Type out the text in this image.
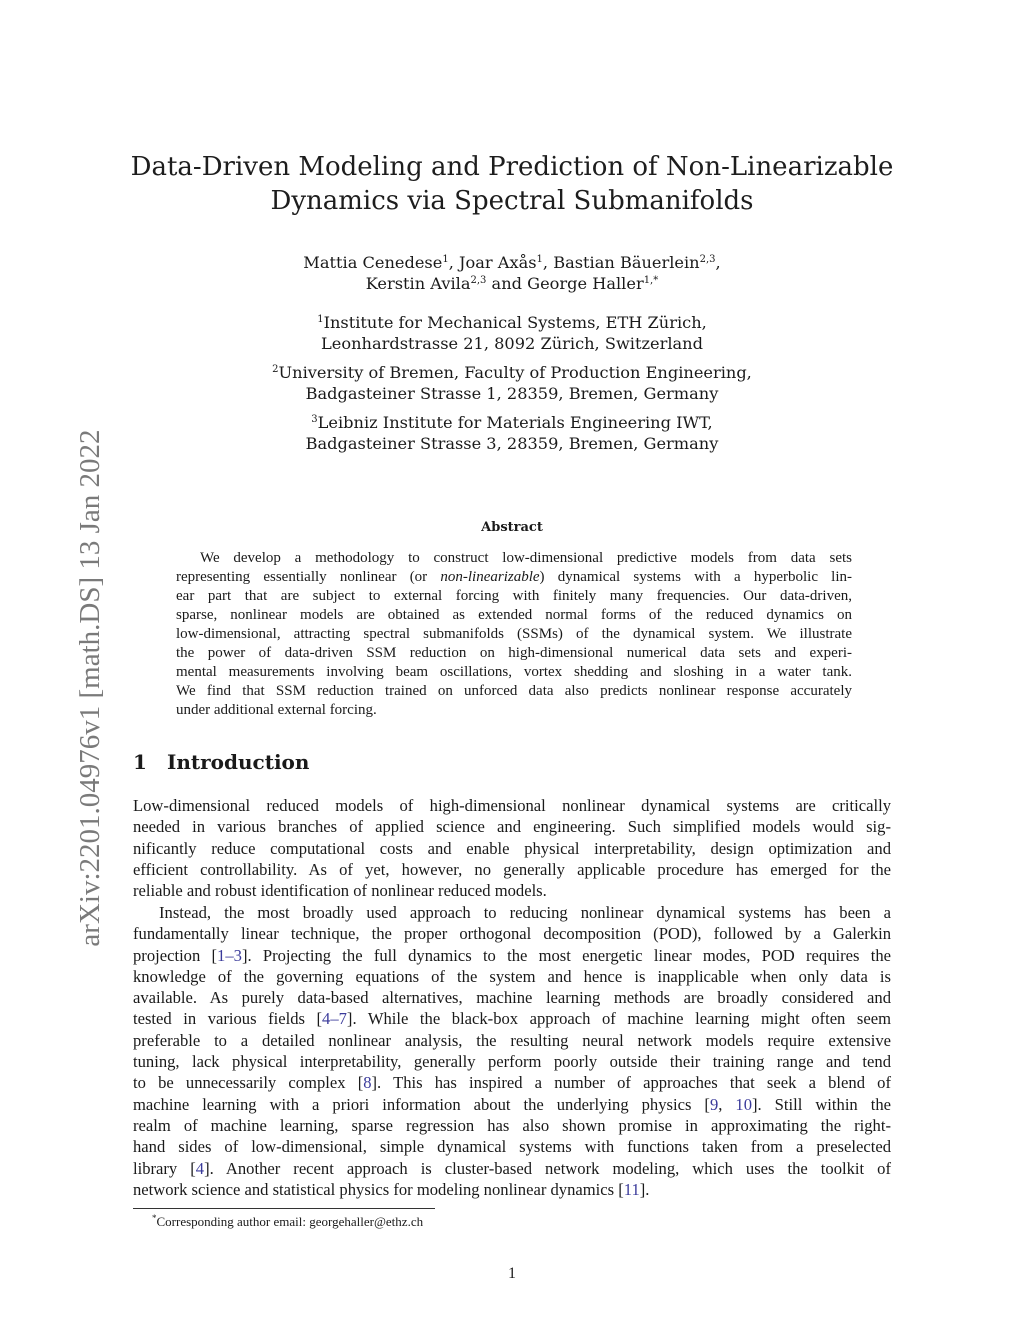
arXiv:2201.04976v1 [math.DS] 13 Jan 2022
Data-Driven Modeling and Prediction of Non-Linearizable
Dynamics via Spectral Submanifolds
Mattia Cenedese$^1$, Joar Axås$^1$, Bastian Bäuerlein$^{2,3}$,
Kerstin Avila$^{2,3}$ and George Haller$^{1,*}$
$^1$Institute for Mechanical Systems, ETH Zürich,
Leonhardstrasse 21, 8092 Zürich, Switzerland
$^2$University of Bremen, Faculty of Production Engineering,
Badgasteiner Strasse 1, 28359, Bremen, Germany
$^3$Leibniz Institute for Materials Engineering IWT,
Badgasteiner Strasse 3, 28359, Bremen, Germany
Abstract
We develop a methodology to construct low-dimensional predictive models from data sets
representing essentially nonlinear (or non-linearizable) dynamical systems with a hyperbolic lin-
ear part that are subject to external forcing with finitely many frequencies. Our data-driven,
sparse, nonlinear models are obtained as extended normal forms of the reduced dynamics on
low-dimensional, attracting spectral submanifolds (SSMs) of the dynamical system. We illustrate
the power of data-driven SSM reduction on high-dimensional numerical data sets and experi-
mental measurements involving beam oscillations, vortex shedding and sloshing in a water tank.
We find that SSM reduction trained on unforced data also predicts nonlinear response accurately
under additional external forcing.
1 Introduction
Low-dimensional reduced models of high-dimensional nonlinear dynamical systems are critically
needed in various branches of applied science and engineering. Such simplified models would sig-
nificantly reduce computational costs and enable physical interpretability, design optimization and
efficient controllability. As of yet, however, no generally applicable procedure has emerged for the
reliable and robust identification of nonlinear reduced models.
Instead, the most broadly used approach to reducing nonlinear dynamical systems has been a
fundamentally linear technique, the proper orthogonal decomposition (POD), followed by a Galerkin
projection [1–3]. Projecting the full dynamics to the most energetic linear modes, POD requires the
knowledge of the governing equations of the system and hence is inapplicable when only data is
available. As purely data-based alternatives, machine learning methods are broadly considered and
tested in various fields [4–7]. While the black-box approach of machine learning might often seem
preferable to a detailed nonlinear analysis, the resulting neural network models require extensive
tuning, lack physical interpretability, generally perform poorly outside their training range and tend
to be unnecessarily complex [8]. This has inspired a number of approaches that seek a blend of
machine learning with a priori information about the underlying physics [9, 10]. Still within the
realm of machine learning, sparse regression has also shown promise in approximating the right-
hand sides of low-dimensional, simple dynamical systems with functions taken from a preselected
library [4]. Another recent approach is cluster-based network modeling, which uses the toolkit of
network science and statistical physics for modeling nonlinear dynamics [11].
*Corresponding author email: georgehaller@ethz.ch
1
